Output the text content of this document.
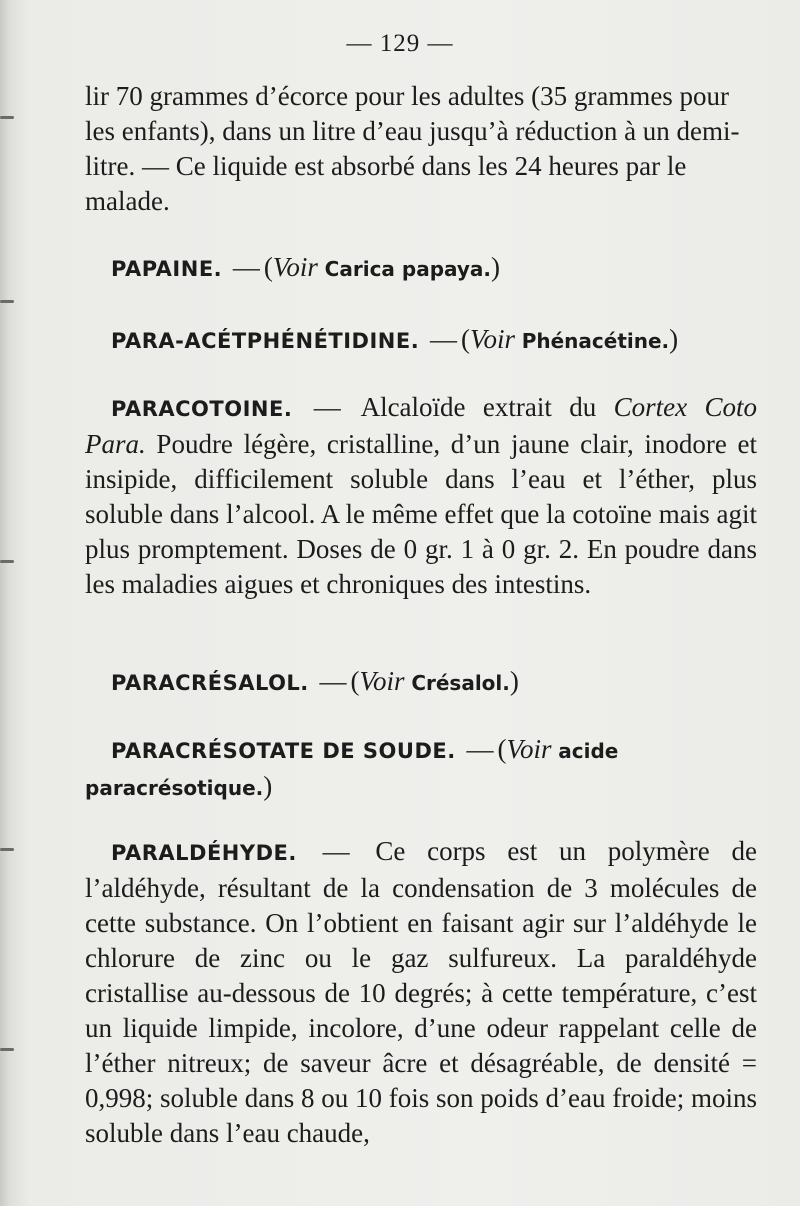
— 129 —
lir 70 grammes d’écorce pour les adultes (35 grammes pour les enfants), dans un litre d’eau jusqu’à réduction à un demi-litre. — Ce liquide est absorbé dans les 24 heures par le malade.
PAPAINE. — (Voir Carica papaya.)
PARA-ACÉTPHÉNÉTIDINE. — (Voir Phénacétine.)
PARACOTOINE. — Alcaloïde extrait du Cortex Coto Para. Poudre légère, cristalline, d’un jaune clair, inodore et insipide, difficilement soluble dans l’eau et l’éther, plus soluble dans l’alcool. A le même effet que la cotoïne mais agit plus promptement. Doses de 0 gr. 1 à 0 gr. 2. En poudre dans les maladies aigues et chroniques des intestins.
PARACRÉSALOL. — (Voir Crésalol.)
PARACRÉSOTATE DE SOUDE. — (Voir acide paracrésotique.)
PARALDÉHYDE. — Ce corps est un polymère de l’aldéhyde, résultant de la condensation de 3 molécules de cette substance. On l’obtient en faisant agir sur l’aldéhyde le chlorure de zinc ou le gaz sulfureux. La paraldéhyde cristallise au-dessous de 10 degrés; à cette température, c’est un liquide limpide, incolore, d’une odeur rappelant celle de l’éther nitreux; de saveur âcre et désagréable, de densité = 0,998; soluble dans 8 ou 10 fois son poids d’eau froide; moins soluble dans l’eau chaude,
